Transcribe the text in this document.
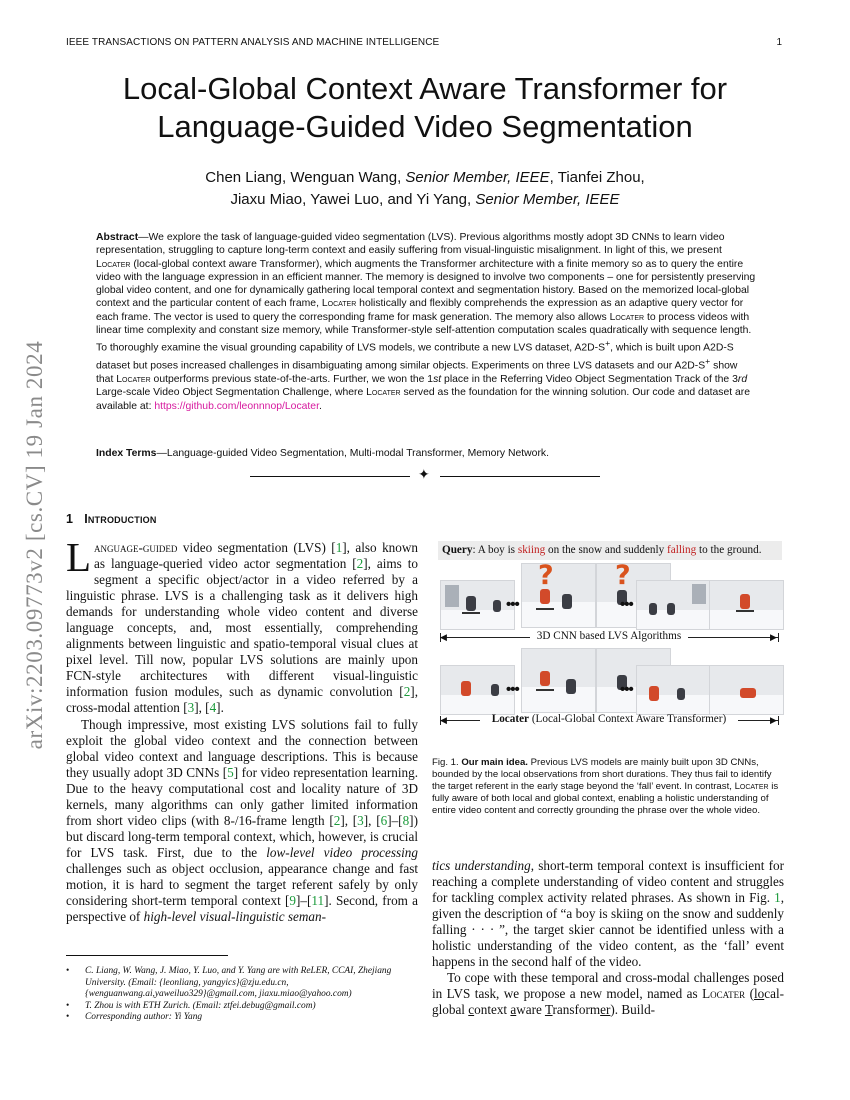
IEEE TRANSACTIONS ON PATTERN ANALYSIS AND MACHINE INTELLIGENCE	1
arXiv:2203.09773v2 [cs.CV] 19 Jan 2024
Local-Global Context Aware Transformer for
Language-Guided Video Segmentation
Chen Liang, Wenguan Wang, Senior Member, IEEE, Tianfei Zhou,
Jiaxu Miao, Yawei Luo, and Yi Yang, Senior Member, IEEE
Abstract—We explore the task of language-guided video segmentation (LVS). Previous algorithms mostly adopt 3D CNNs to learn video representation, struggling to capture long-term context and easily suffering from visual-linguistic misalignment. In light of this, we present Locater (local-global context aware Transformer), which augments the Transformer architecture with a finite memory so as to query the entire video with the language expression in an efficient manner. The memory is designed to involve two components – one for persistently preserving global video content, and one for dynamically gathering local temporal context and segmentation history. Based on the memorized local-global context and the particular content of each frame, Locater holistically and flexibly comprehends the expression as an adaptive query vector for each frame. The vector is used to query the corresponding frame for mask generation. The memory also allows Locater to process videos with linear time complexity and constant size memory, while Transformer-style self-attention computation scales quadratically with sequence length. To thoroughly examine the visual grounding capability of LVS models, we contribute a new LVS dataset, A2D-S+, which is built upon A2D-S dataset but poses increased challenges in disambiguating among similar objects. Experiments on three LVS datasets and our A2D-S+ show that Locater outperforms previous state-of-the-arts. Further, we won the 1st place in the Referring Video Object Segmentation Track of the 3rd Large-scale Video Object Segmentation Challenge, where Locater served as the foundation for the winning solution. Our code and dataset are available at: https://github.com/leonnnop/Locater.
Index Terms—Language-guided Video Segmentation, Multi-modal Transformer, Memory Network.
✦
1 Introduction

Language-guided video segmentation (LVS) [1], also known as language-queried video actor segmentation [2], aims to segment a specific object/actor in a video referred by a linguistic phrase. LVS is a challenging task as it delivers high demands for understanding whole video content and diverse language concepts, and, most essentially, comprehending alignments between linguistic and spatio-temporal visual clues at pixel level. Till now, popular LVS solutions are mainly upon FCN-style architectures with different visual-linguistic information fusion modules, such as dynamic convolution [2], cross-modal attention [3], [4].

Though impressive, most existing LVS solutions fail to fully exploit the global video context and the connection between global video context and language descriptions. This is because they usually adopt 3D CNNs [5] for video representation learning. Due to the heavy computational cost and locality nature of 3D kernels, many algorithms can only gather limited information from short video clips (with 8-/16-frame length [2], [3], [6]–[8]) but discard long-term temporal context, which, however, is crucial for LVS task. First, due to the low-level video processing challenges such as object occlusion, appearance change and fast motion, it is hard to segment the target referent safely by only considering short-term temporal context [9]–[11]. Second, from a perspective of high-level visual-linguistic seman-

• C. Liang, W. Wang, J. Miao, Y. Luo, and Y. Yang are with ReLER, CCAI, Zhejiang University. (Email: {leonliang, yangyics}@zju.edu.cn, {wenguanwang.ai,yaweiluo329}@gmail.com, jiaxu.miao@yahoo.com)
• T. Zhou is with ETH Zurich. (Email: ztfei.debug@gmail.com)
• Corresponding author: Yi Yang
Query: A boy is skiing on the snow and suddenly falling to the ground.
•••
? ?
•••
◀	3D CNN based LVS Algorithms	▶
•••	•••
◀	Locater (Local-Global Context Aware Transformer)	▶
Fig. 1. Our main idea. Previous LVS models are mainly built upon 3D CNNs, bounded by the local observations from short durations. They thus fail to identify the target referent in the early stage beyond the ‘fall’ event. In contrast, Locater is fully aware of both local and global context, enabling a holistic understanding of entire video content and correctly grounding the phrase over the whole video.

tics understanding, short-term temporal context is insufficient for reaching a complete understanding of video content and struggles for tackling complex activity related phrases. As shown in Fig. 1, given the description of “a boy is skiing on the snow and suddenly falling · · · ”, the target skier cannot be identified unless with a holistic understanding of the video content, as the ‘fall’ event happens in the second half of the video.

To cope with these temporal and cross-modal challenges posed in LVS task, we propose a new model, named as Locater (local-global context aware Transformer). Build-
